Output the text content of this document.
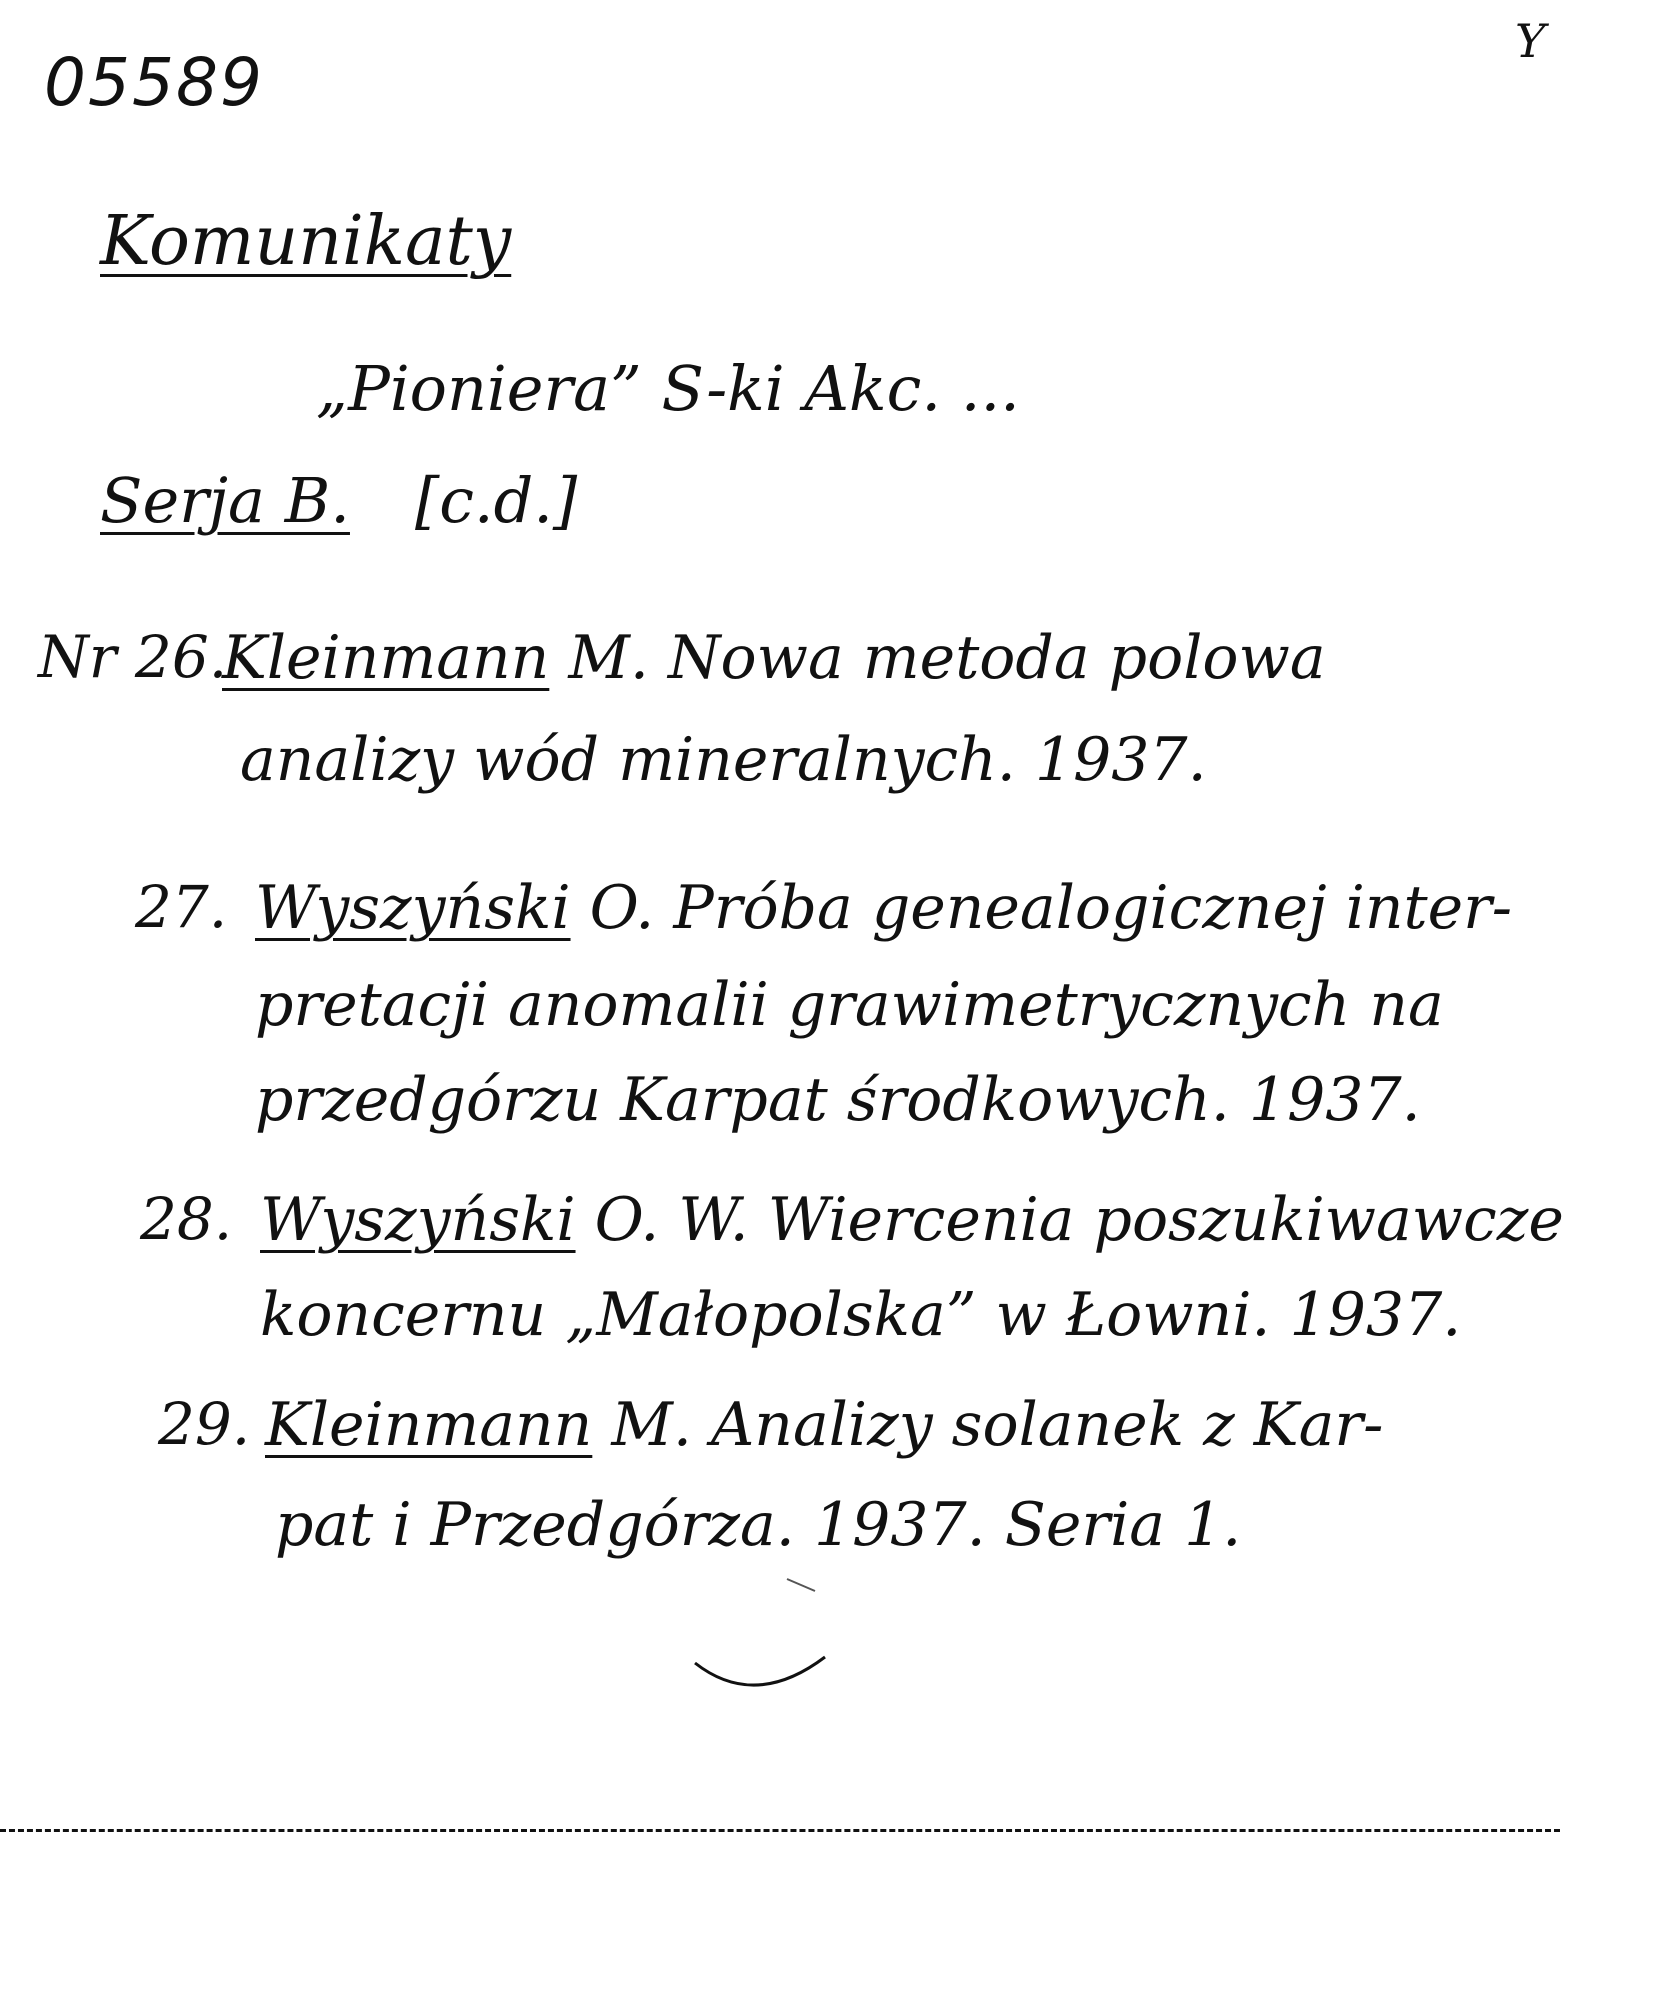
05589
Y
Komunikaty
„Pioniera” S-ki Akc. ...
Serja B. [c.d.]
Nr 26.
Kleinmann M. Nowa metoda polowa
analizy wód mineralnych. 1937.
27. Wyszyński O. Próba genealogicznej inter-
pretacji anomalii grawimetrycznych na
przedgórzu Karpat środkowych. 1937.
28. Wyszyński O. W. Wiercenia poszukiwawcze
koncernu „Małopolska” w Łowni. 1937.
29. Kleinmann M. Analizy solanek z Kar-
pat i Przedgórza. 1937. Seria 1.
